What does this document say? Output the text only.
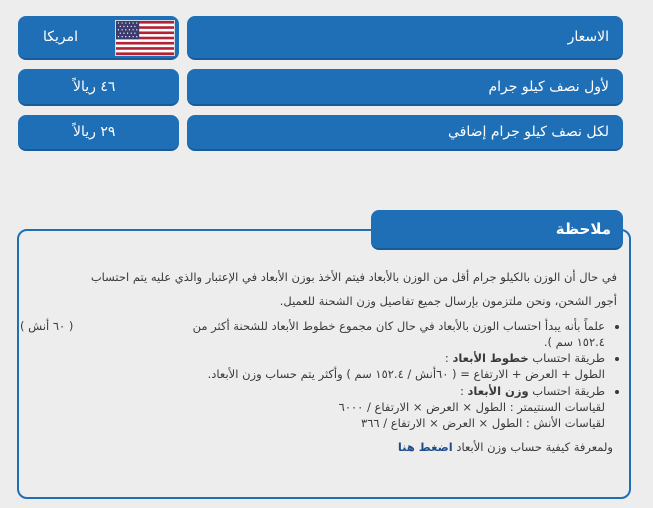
الاسعار
امريكا
لأول نصف كيلو جرام
٤٦ ريالاً
لكل نصف كيلو جرام إضافي
٢٩ ريالاً
ملاحظة
في حال أن الوزن بالكيلو جرام أقل من الوزن بالأبعاد فيتم الأخذ بوزن الأبعاد في الإعتبار والذي عليه يتم احتساب
أجور الشحن، ونحن ملتزمون بإرسال جميع تفاصيل وزن الشحنة للعميل.
علماً بأنه يبدأ احتساب الوزن بالأبعاد في حال كان مجموع خطوط الأبعاد للشحنة أكثر من
( ٦٠ أنش )
١٥٢.٤ سم ).
طريقة احتساب خطوط الأبعاد :
الطول + العرض + الارتفاع = ( ٦٠أنش / ١٥٢.٤ سم ) وأكثر يتم حساب وزن الأبعاد.
طريقة احتساب وزن الأبعاد :
لقياسات السنتيمتر : الطول × العرض × الارتفاع / ٦٠٠٠
لقياسات الأنش : الطول × العرض × الارتفاع / ٣٦٦
ولمعرفة كيفية حساب وزن الأبعاد اضغط هنا
